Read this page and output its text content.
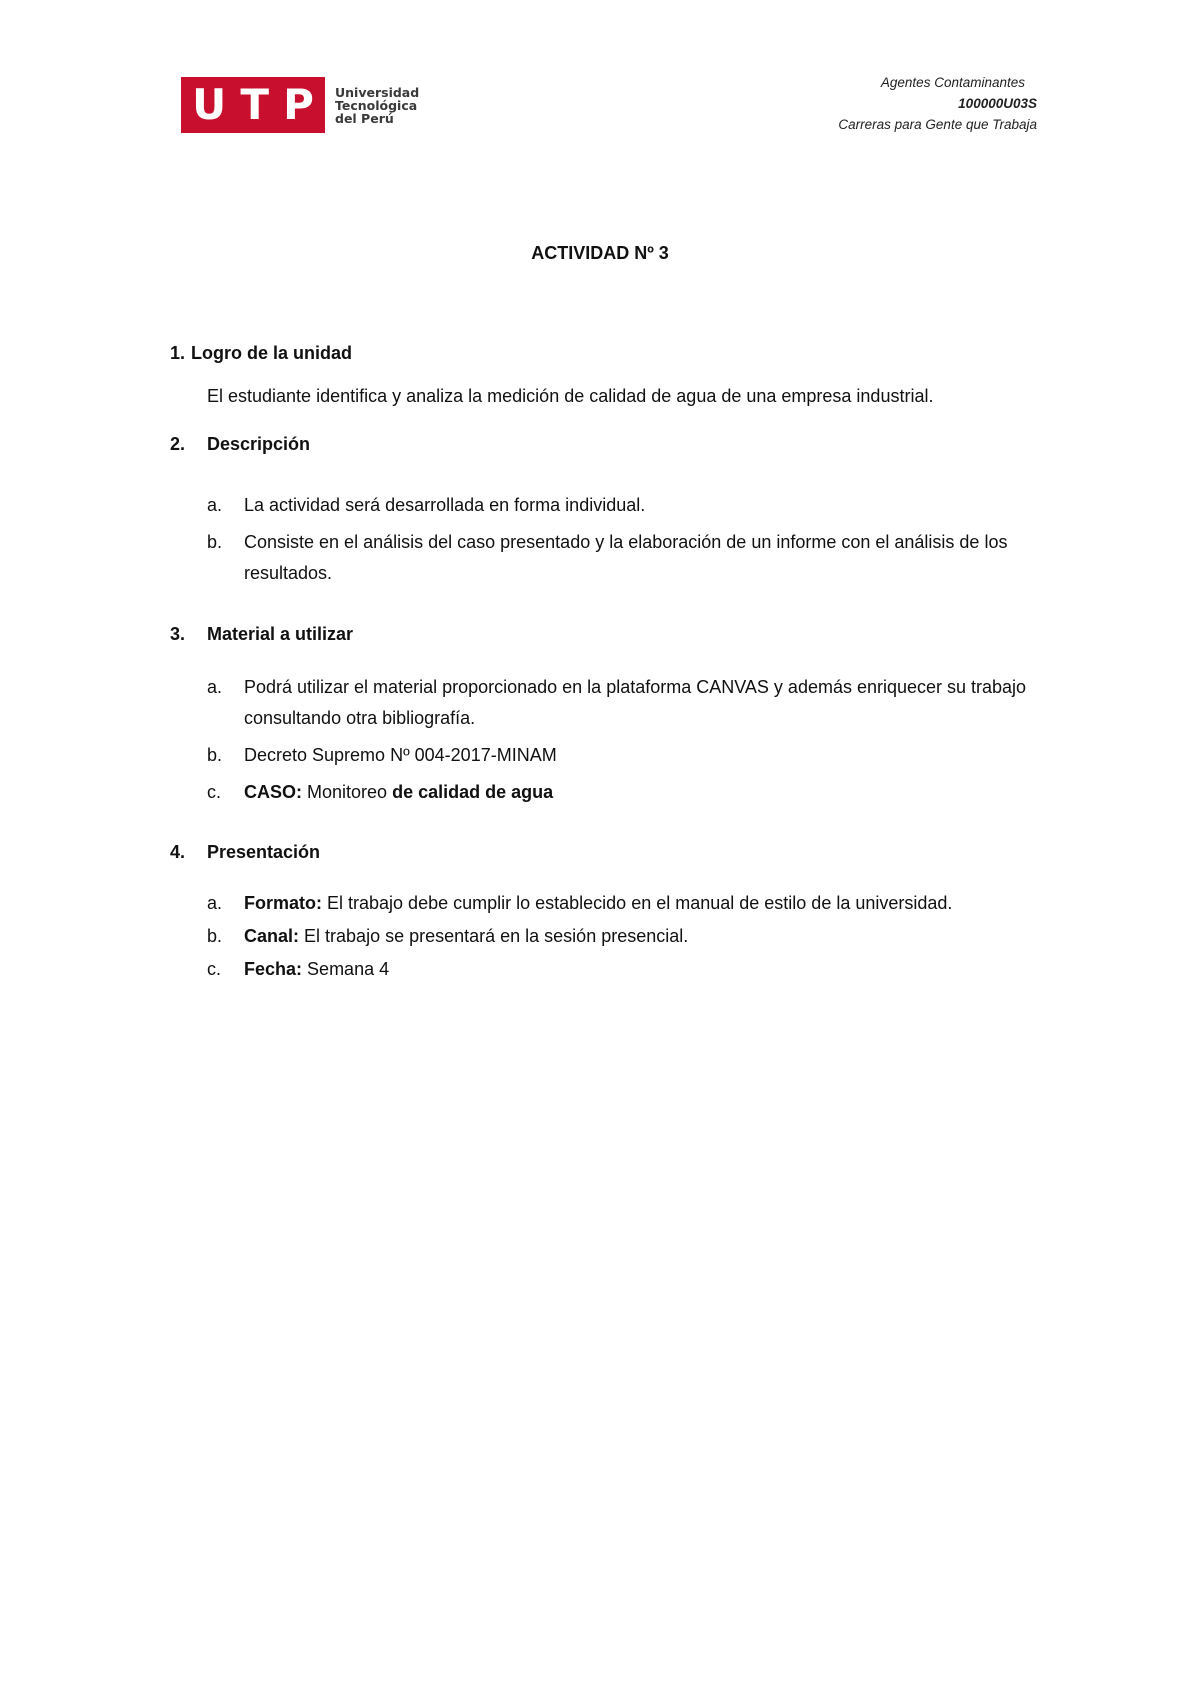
U T P Universidad
Tecnológica
del Perú
Agentes Contaminantes
100000U03S
Carreras para Gente que Trabaja
ACTIVIDAD Nº 3
1. Logro de la unidad
El estudiante identifica y analiza la medición de calidad de agua de una empresa industrial.
2.	Descripción
a.	La actividad será desarrollada en forma individual.
b.	Consiste en el análisis del caso presentado y la elaboración de un informe con el análisis de los resultados.
3.	Material a utilizar
a.	Podrá utilizar el material proporcionado en la plataforma CANVAS y además enriquecer su trabajo consultando otra bibliografía.
b.	Decreto Supremo Nº 004-2017-MINAM
c.	CASO: Monitoreo de calidad de agua
4.	Presentación
a.	Formato: El trabajo debe cumplir lo establecido en el manual de estilo de la universidad.
b.	Canal: El trabajo se presentará en la sesión presencial.
c.	Fecha: Semana 4
